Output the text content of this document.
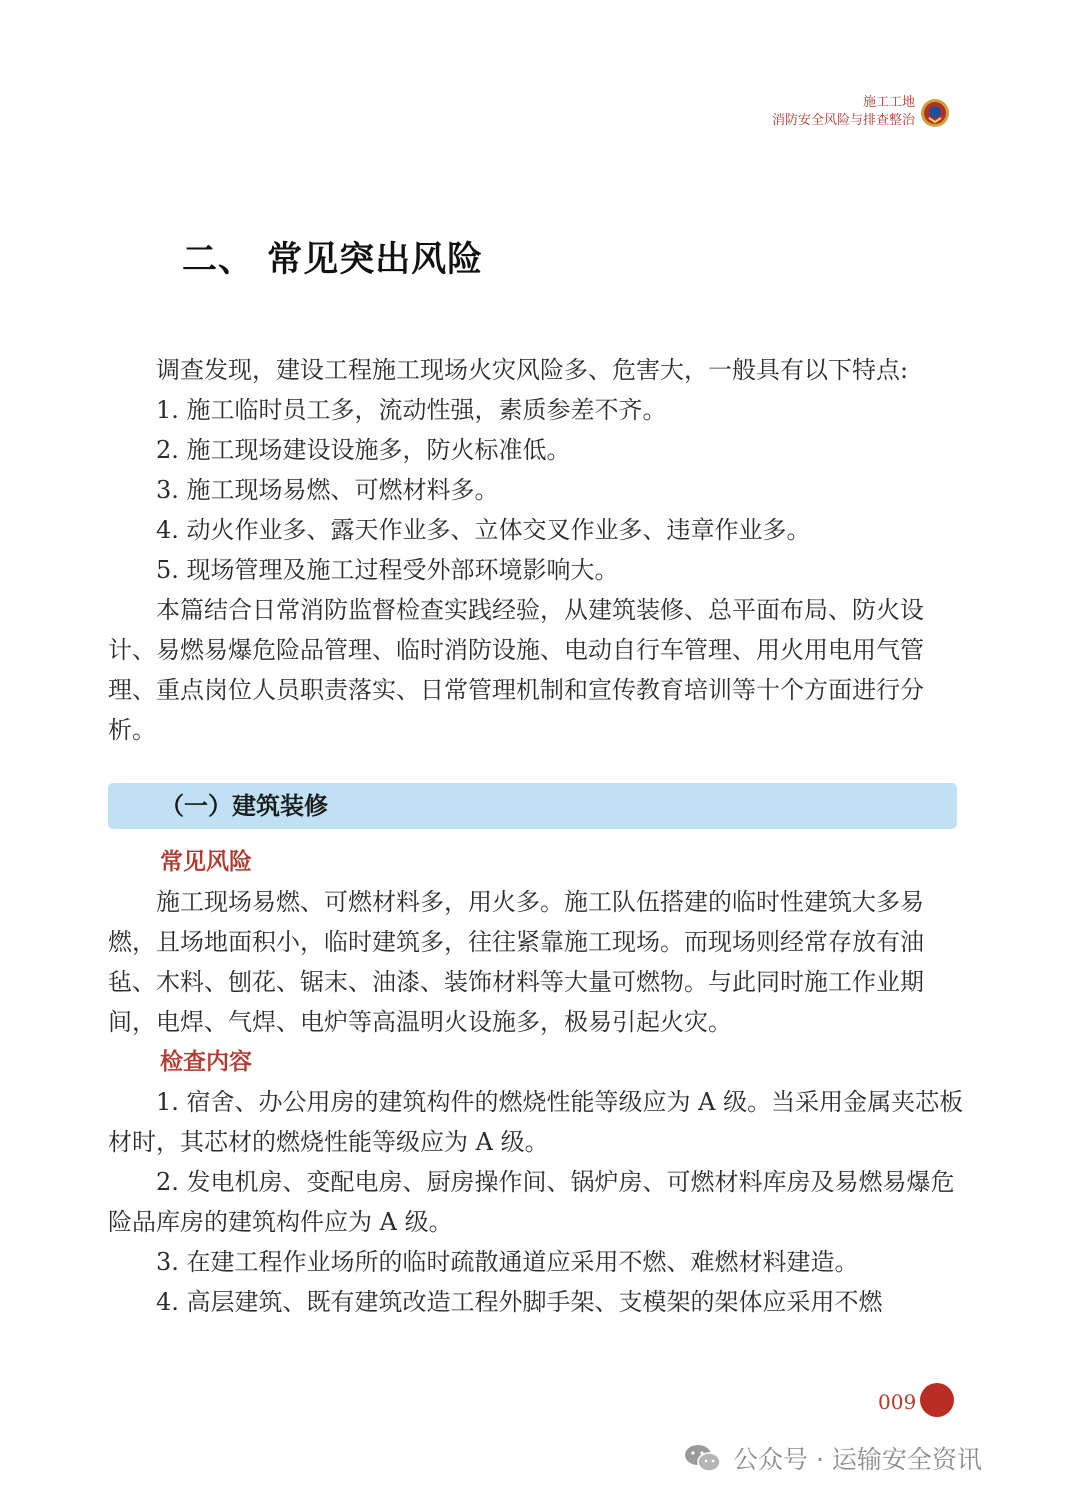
施工工地
消防安全风险与排查整治
二、 常见突出风险

调查发现，建设工程施工现场火灾风险多、危害大，一般具有以下特点:

1. 施工临时员工多，流动性强，素质参差不齐。

2. 施工现场建设设施多，防火标准低。

3. 施工现场易燃、可燃材料多。

4. 动火作业多、露天作业多、立体交叉作业多、违章作业多。

5. 现场管理及施工过程受外部环境影响大。

本篇结合日常消防监督检查实践经验，从建筑装修、总平面布局、防火设计、易燃易爆危险品管理、临时消防设施、电动自行车管理、用火用电用气管理、重点岗位人员职责落实、日常管理机制和宣传教育培训等十个方面进行分析。

（一）建筑装修

常见风险

施工现场易燃、可燃材料多，用火多。施工队伍搭建的临时性建筑大多易燃，且场地面积小，临时建筑多，往往紧靠施工现场。而现场则经常存放有油毡、木料、刨花、锯末、油漆、装饰材料等大量可燃物。与此同时施工作业期间，电焊、气焊、电炉等高温明火设施多，极易引起火灾。

检查内容

1. 宿舍、办公用房的建筑构件的燃烧性能等级应为 A 级。当采用金属夹芯板材时，其芯材的燃烧性能等级应为 A 级。

2. 发电机房、变配电房、厨房操作间、锅炉房、可燃材料库房及易燃易爆危险品库房的建筑构件应为 A 级。

3. 在建工程作业场所的临时疏散通道应采用不燃、难燃材料建造。

4. 高层建筑、既有建筑改造工程外脚手架、支模架的架体应采用不燃

009
公众号 · 运输安全资讯
